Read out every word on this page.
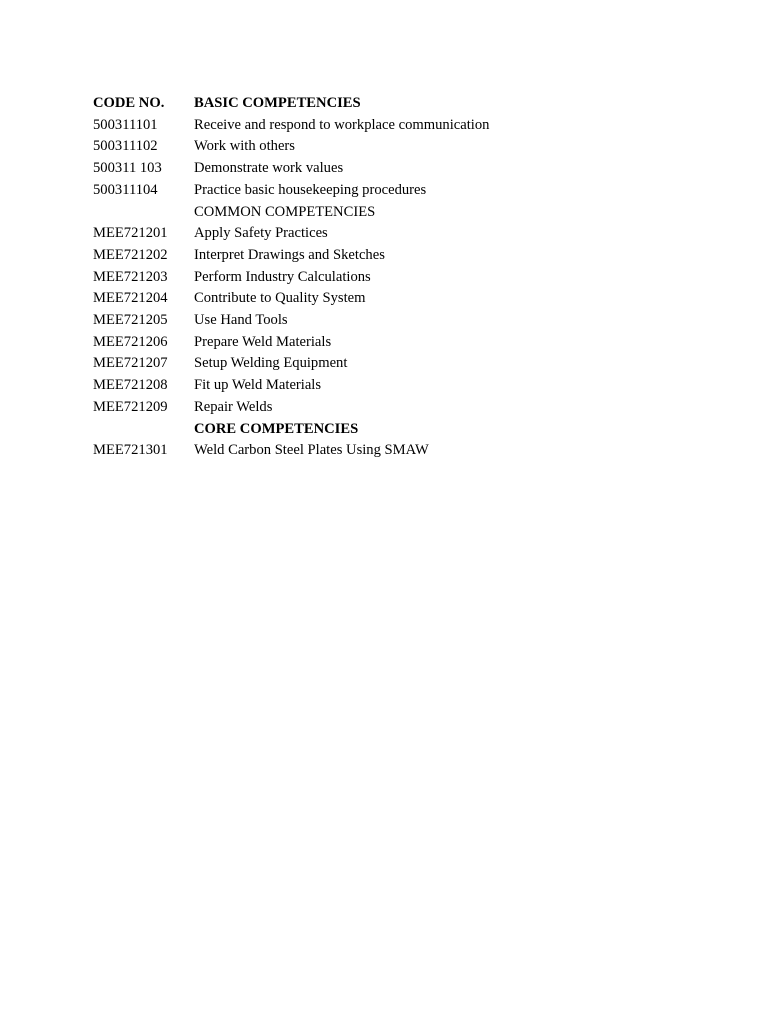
CODE NO.	BASIC COMPETENCIES
500311101	Receive and respond to workplace communication
500311102	Work with others
500311 103	Demonstrate work values
500311104	Practice basic housekeeping procedures
	COMMON COMPETENCIES
MEE721201	Apply Safety Practices
MEE721202	Interpret Drawings and Sketches
MEE721203	Perform Industry Calculations
MEE721204	Contribute to Quality System
MEE721205	Use Hand Tools
MEE721206	Prepare Weld Materials
MEE721207	Setup Welding Equipment
MEE721208	Fit up Weld Materials
MEE721209	Repair Welds
	CORE COMPETENCIES
MEE721301	Weld Carbon Steel Plates Using SMAW
